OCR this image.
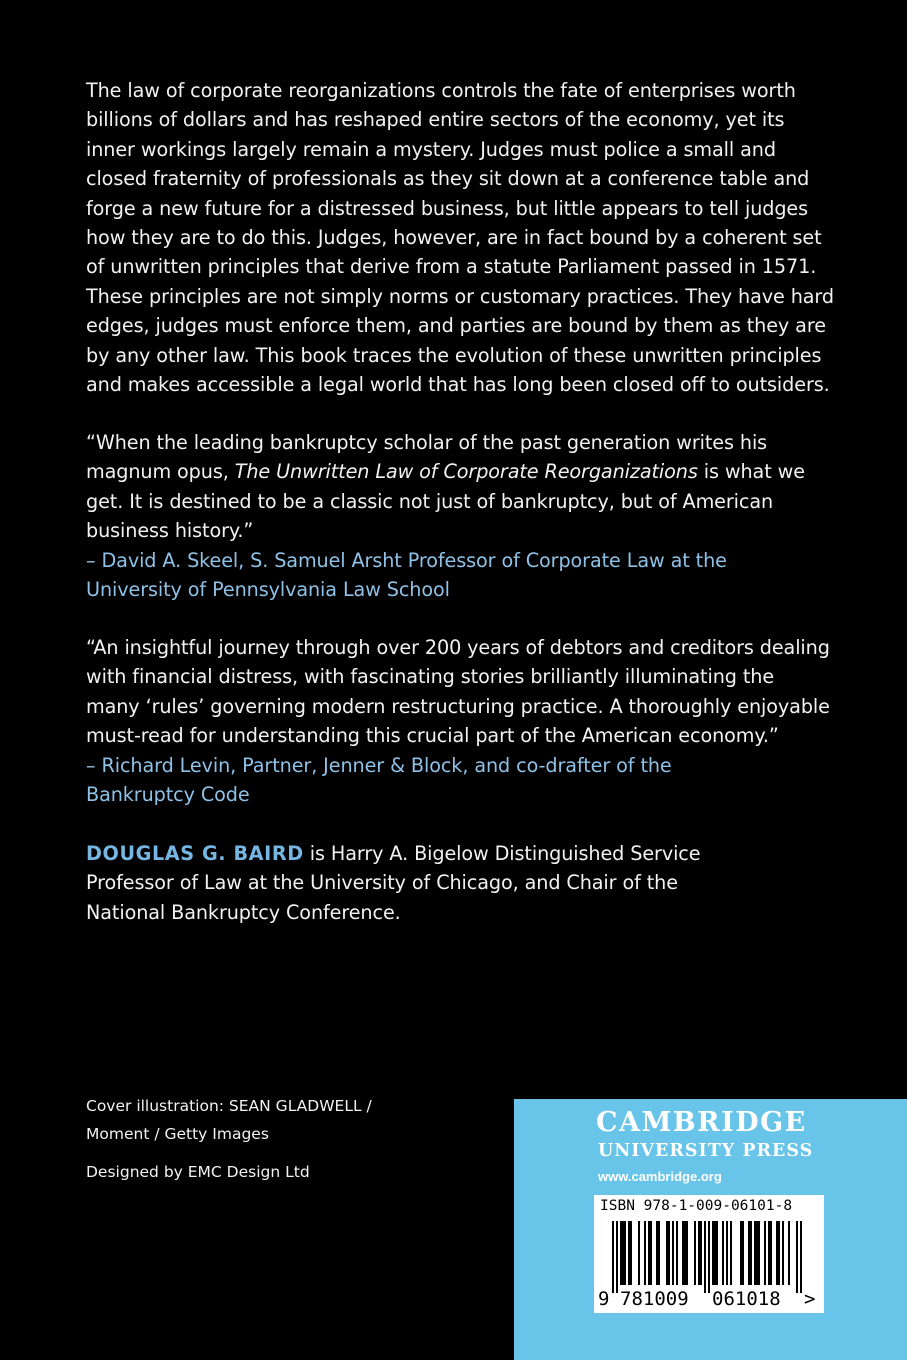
The law of corporate reorganizations controls the fate of enterprises worth
billions of dollars and has reshaped entire sectors of the economy, yet its
inner workings largely remain a mystery. Judges must police a small and
closed fraternity of professionals as they sit down at a conference table and
forge a new future for a distressed business, but little appears to tell judges
how they are to do this. Judges, however, are in fact bound by a coherent set
of unwritten principles that derive from a statute Parliament passed in 1571.
These principles are not simply norms or customary practices. They have hard
edges, judges must enforce them, and parties are bound by them as they are
by any other law. This book traces the evolution of these unwritten principles
and makes accessible a legal world that has long been closed off to outsiders.
“When the leading bankruptcy scholar of the past generation writes his
magnum opus, The Unwritten Law of Corporate Reorganizations is what we
get. It is destined to be a classic not just of bankruptcy, but of American
business history.”
– David A. Skeel, S. Samuel Arsht Professor of Corporate Law at the
University of Pennsylvania Law School
“An insightful journey through over 200 years of debtors and creditors dealing
with financial distress, with fascinating stories brilliantly illuminating the
many ‘rules’ governing modern restructuring practice. A thoroughly enjoyable
must-read for understanding this crucial part of the American economy.”
– Richard Levin, Partner, Jenner & Block, and co-drafter of the
Bankruptcy Code
DOUGLAS G. BAIRD is Harry A. Bigelow Distinguished Service
Professor of Law at the University of Chicago, and Chair of the
National Bankruptcy Conference.
Cover illustration: SEAN GLADWELL /
Moment / Getty Images
Designed by EMC Design Ltd
CAMBRIDGE
UNIVERSITY PRESS
www.cambridge.org
9 781009 061018 >
ISBN 978-1-009-06101-8
